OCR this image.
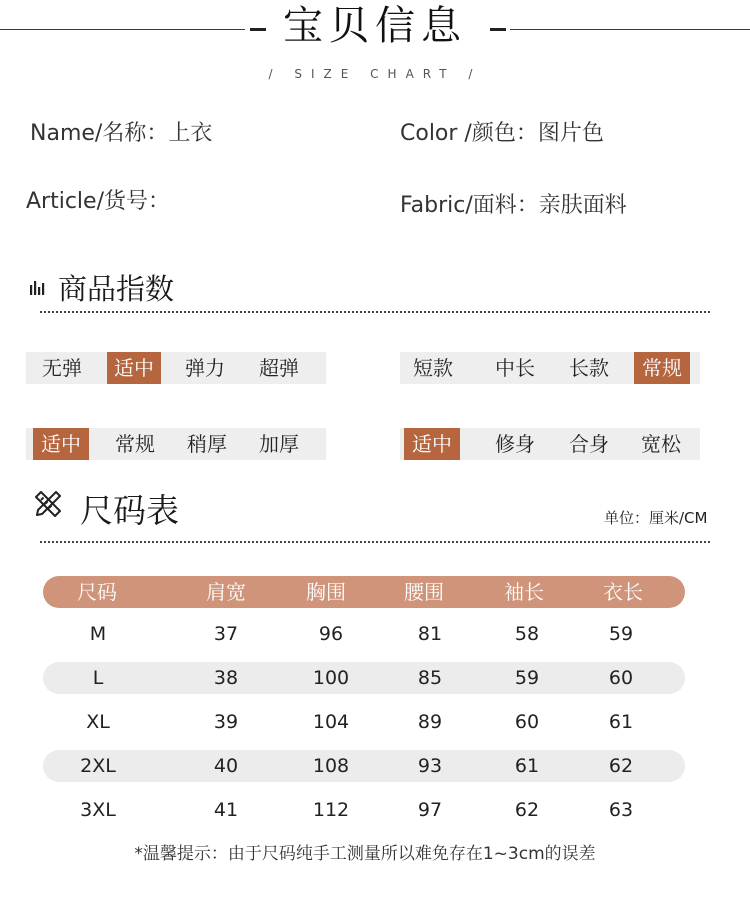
宝贝信息
/ SIZE CHART /
Name/名称：上衣	Color /颜色：图片色
Article/货号：	Fabric/面料：亲肤面料
商品指数
无弹	适中	弹力	超弹	短款	中长	长款	常规
适中	常规	稍厚	加厚	适中	修身	合身	宽松
尺码表	单位：厘米/CM
尺码	肩宽	胸围	腰围	袖长	衣长
M	37	96	81	58	59
L	38	100	85	59	60
XL	39	104	89	60	61
2XL	40	108	93	61	62
3XL	41	112	97	62	63
*温馨提示：由于尺码纯手工测量所以难免存在1~3cm的误差
